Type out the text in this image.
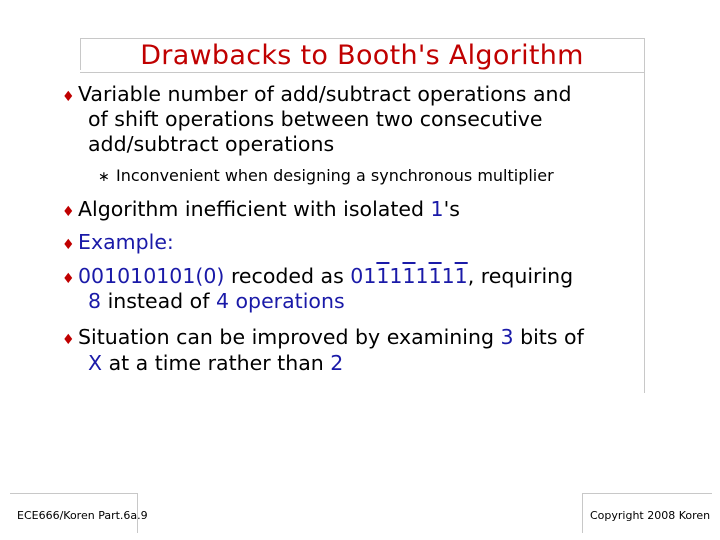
Drawbacks to Booth's Algorithm
♦ Variable number of add/subtract operations and
of shift operations between two consecutive
add/subtract operations
∗ Inconvenient when designing a synchronous multiplier
♦ Algorithm inefficient with isolated 1's
♦ Example:
♦ 001010101(0) recoded as 011111111, requiring
8 instead of 4 operations
♦ Situation can be improved by examining 3 bits of
X at a time rather than 2
ECE666/Koren Part.6a.9	Copyright 2008 Koren
